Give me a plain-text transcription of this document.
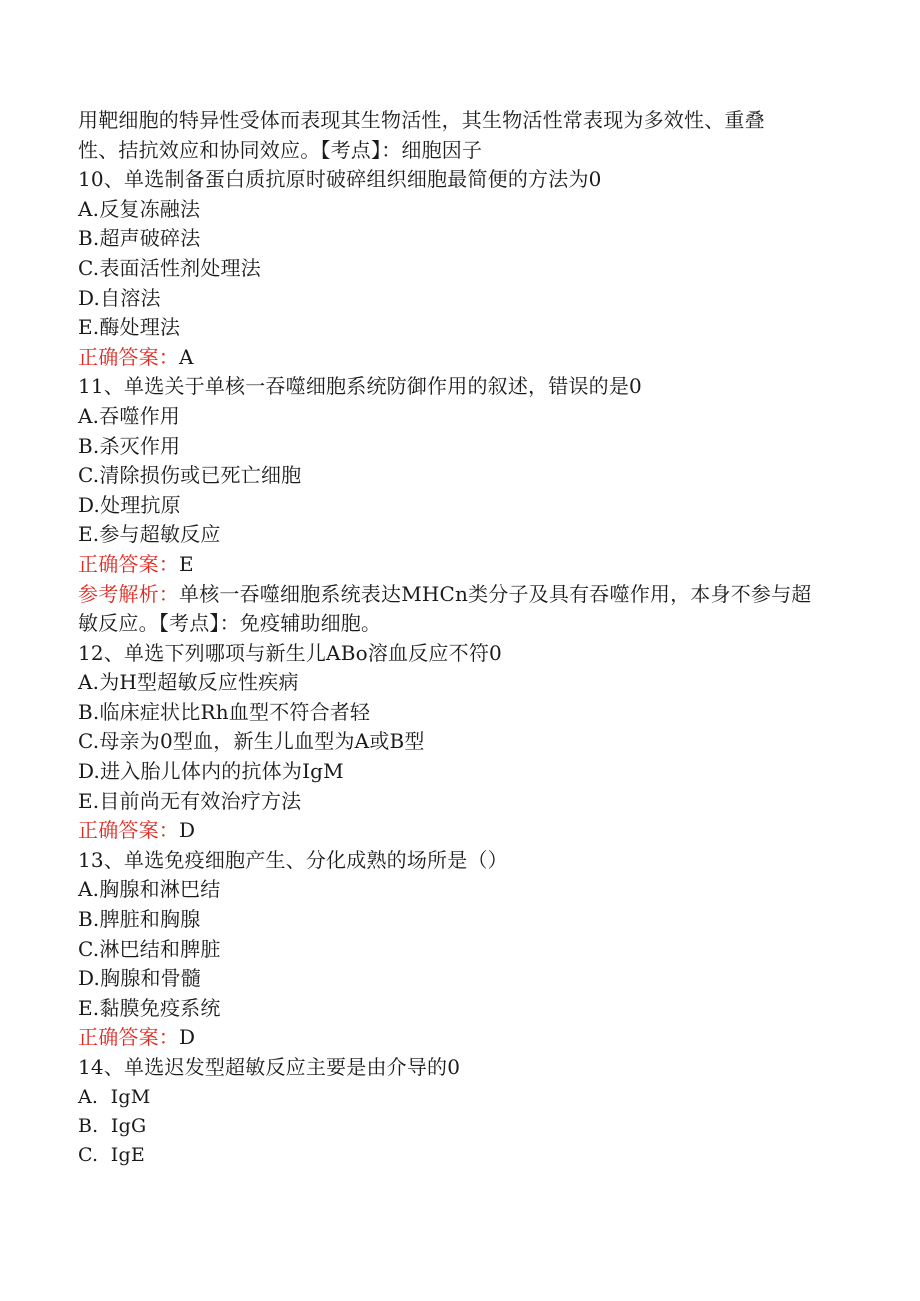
用靶细胞的特异性受体而表现其生物活性，其生物活性常表现为多效性、重叠
性、拮抗效应和协同效应。【考点】：细胞因子
10、单选制备蛋白质抗原时破碎组织细胞最简便的方法为0
A.反复冻融法
B.超声破碎法
C.表面活性剂处理法
D.自溶法
E.酶处理法
正确答案：A
11、单选关于单核一吞噬细胞系统防御作用的叙述，错误的是0
A.吞噬作用
B.杀灭作用
C.清除损伤或已死亡细胞
D.处理抗原
E.参与超敏反应
正确答案：E
参考解析：单核一吞噬细胞系统表达MHCn类分子及具有吞噬作用，本身不参与超
敏反应。【考点】：免疫辅助细胞。
12、单选下列哪项与新生儿ABo溶血反应不符0
A.为H型超敏反应性疾病
B.临床症状比Rh血型不符合者轻
C.母亲为0型血，新生儿血型为A或B型
D.进入胎儿体内的抗体为IgM
E.目前尚无有效治疗方法
正确答案：D
13、单选免疫细胞产生、分化成熟的场所是（）
A.胸腺和淋巴结
B.脾脏和胸腺
C.淋巴结和脾脏
D.胸腺和骨髓
E.黏膜免疫系统
正确答案：D
14、单选迟发型超敏反应主要是由介导的0
A.  IgM
B.  IgG
C.  IgE
